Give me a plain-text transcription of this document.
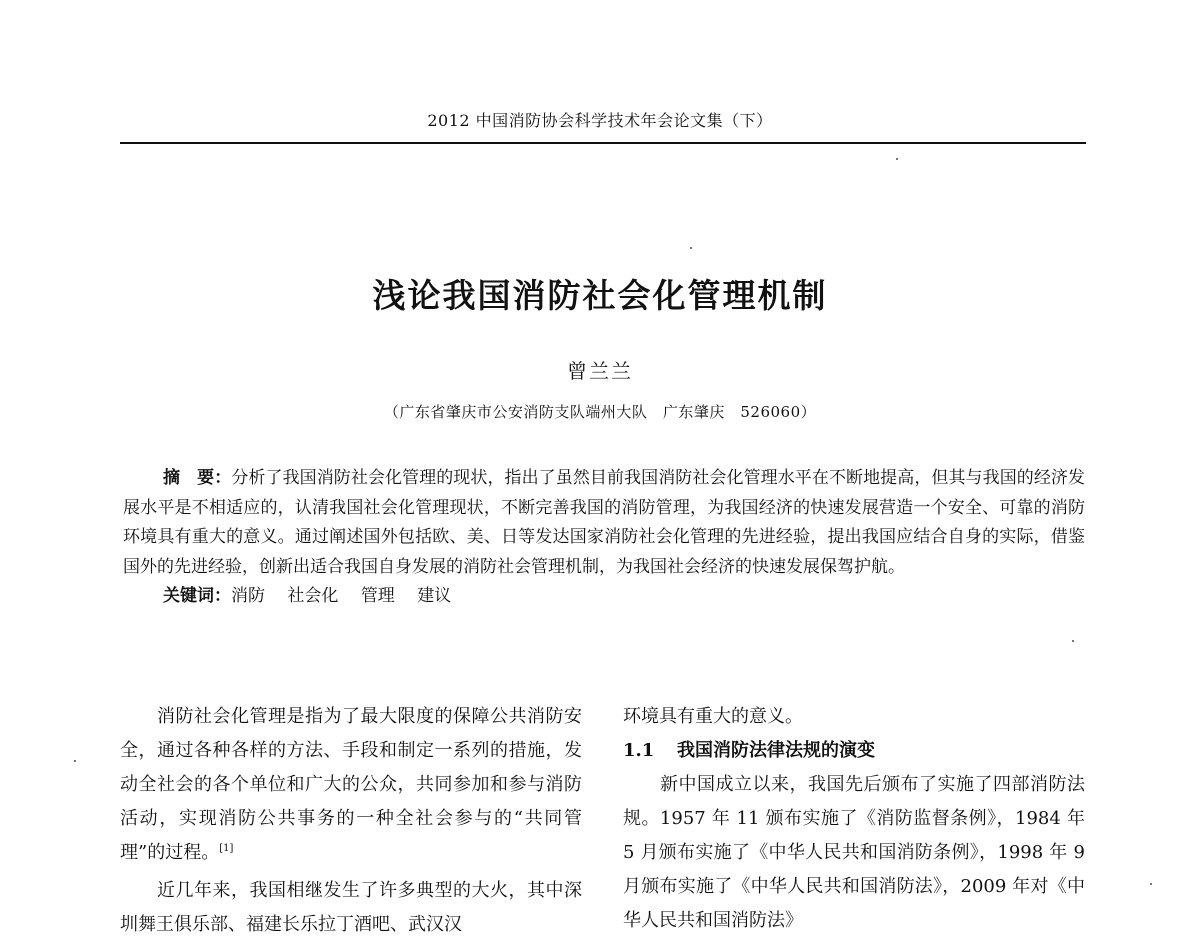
2012 中国消防协会科学技术年会论文集（下）
浅论我国消防社会化管理机制
曾兰兰
（广东省肇庆市公安消防支队端州大队　广东肇庆　526060）

摘　要：分析了我国消防社会化管理的现状，指出了虽然目前我国消防社会化管理水平在不断地提高，但其与我国的经济发展水平是不相适应的，认清我国社会化管理现状，不断完善我国的消防管理，为我国经济的快速发展营造一个安全、可靠的消防环境具有重大的意义。通过阐述国外包括欧、美、日等发达国家消防社会化管理的先进经验，提出我国应结合自身的实际，借鉴国外的先进经验，创新出适合我国自身发展的消防社会管理机制，为我国社会经济的快速发展保驾护航。

关键词：消防　 社会化　 管理　 建议

消防社会化管理是指为了最大限度的保障公共消防安全，通过各种各样的方法、手段和制定一系列的措施，发动全社会的各个单位和广大的公众，共同参加和参与消防活动，实现消防公共事务的一种全社会参与的“共同管理”的过程。[1]

近几年来，我国相继发生了许多典型的大火，其中深圳舞王俱乐部、福建长乐拉丁酒吧、武汉汉

环境具有重大的意义。

1.1 我国消防法律法规的演变

新中国成立以来，我国先后颁布了实施了四部消防法规。1957 年 11 颁布实施了《消防监督条例》，1984 年 5 月颁布实施了《中华人民共和国消防条例》，1998 年 9 月颁布实施了《中华人民共和国消防法》，2009 年对《中华人民共和国消防法》
